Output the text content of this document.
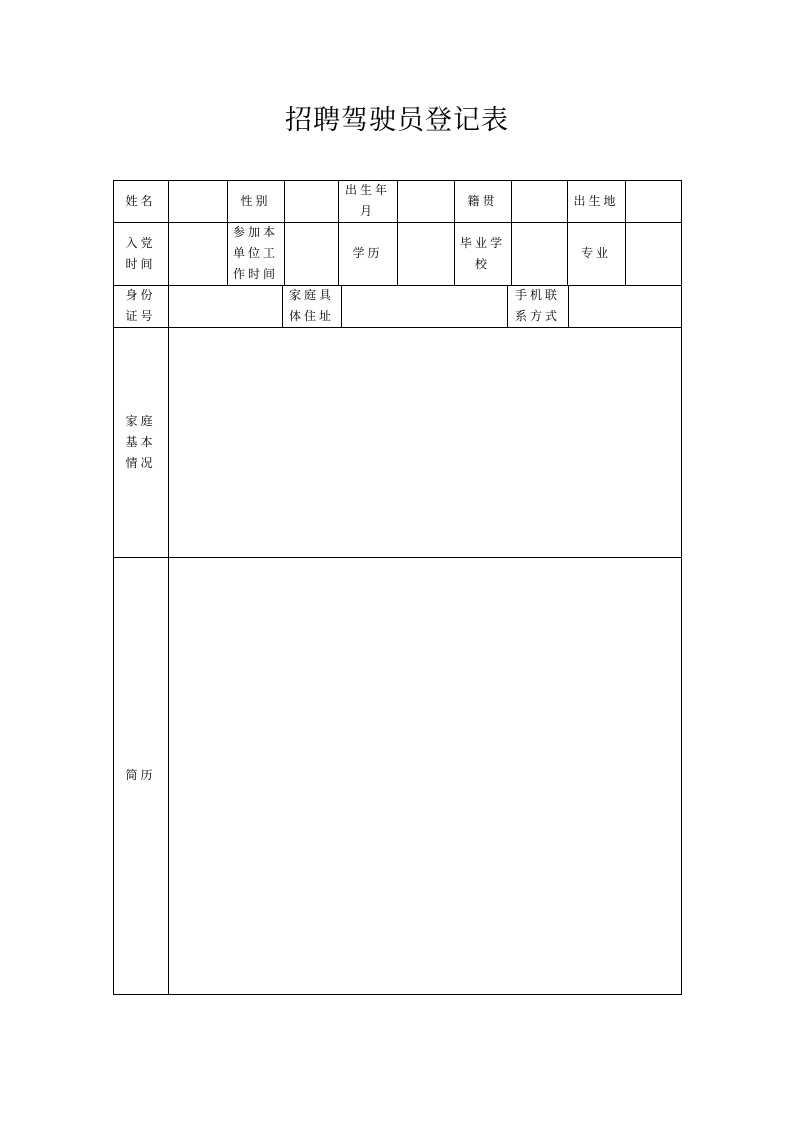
招聘驾驶员登记表
姓名	性别
出生年
月
籍贯	出生地
入党
时间
参加本
单位工
作时间
学历
毕业学
校
专业
身份
证号
家庭具
体住址
手机联
系方式
家庭
基本
情况
简历
